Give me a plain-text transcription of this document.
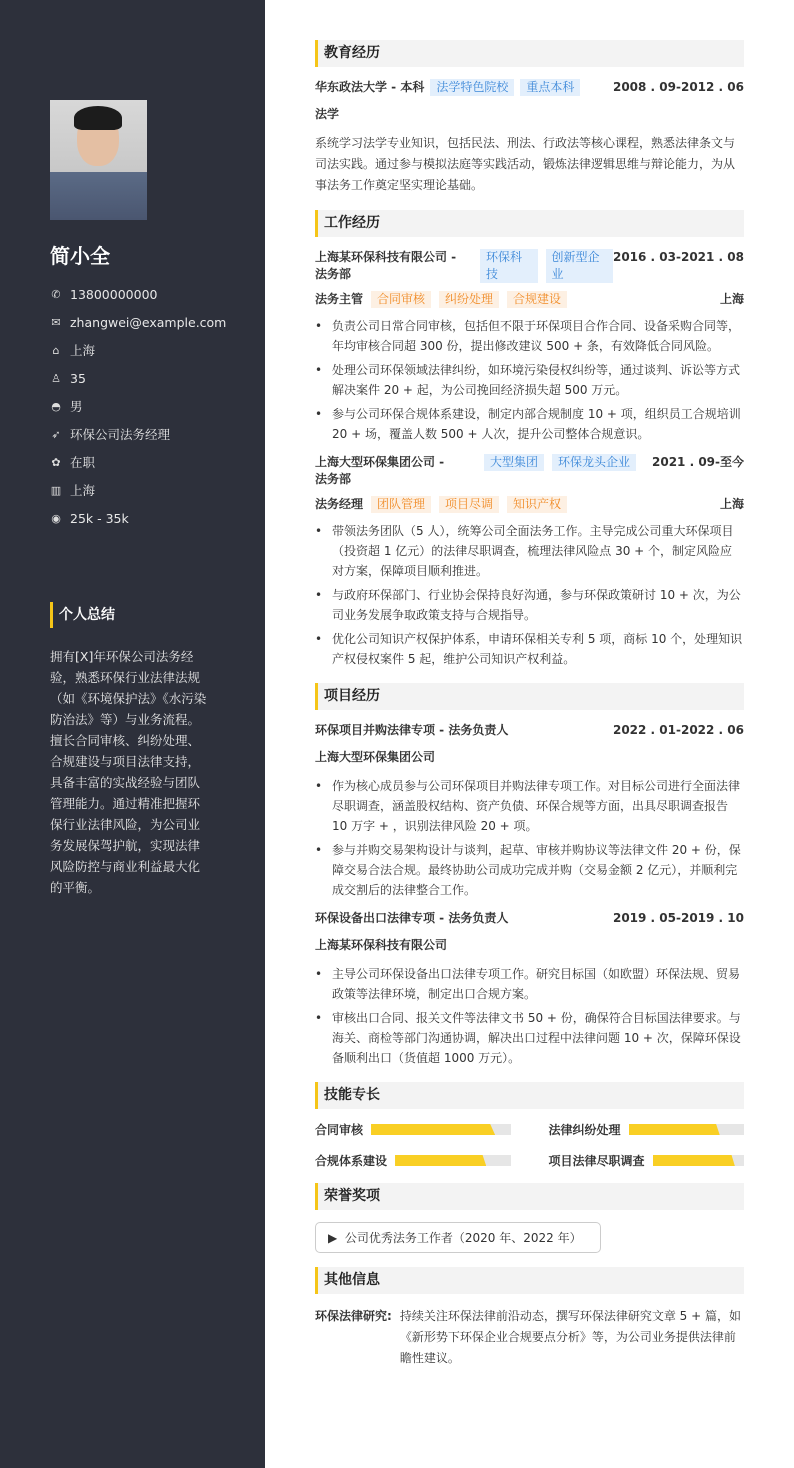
简小全
✆ 13800000000
✉ zhangwei@example.com
⌂ 上海
♙ 35
◓ 男
➶ 环保公司法务经理
✿ 在职
▥ 上海
◉ 25k - 35k
个人总结
拥有[X]年环保公司法务经验，熟悉环保行业法律法规（如《环境保护法》《水污染防治法》等）与业务流程。擅长合同审核、纠纷处理、合规建设与项目法律支持，具备丰富的实战经验与团队管理能力。通过精准把握环保行业法律风险，为公司业务发展保驾护航，实现法律风险防控与商业利益最大化的平衡。
教育经历
华东政法大学 - 本科	法学特色院校	重点本科	2008 . 09-2012 . 06
法学
系统学习法学专业知识，包括民法、刑法、行政法等核心课程，熟悉法律条文与司法实践。通过参与模拟法庭等实践活动，锻炼法律逻辑思维与辩论能力，为从事法务工作奠定坚实理论基础。
工作经历
上海某环保科技有限公司 - 法务部
环保科技
创新型企业
2016 . 03-2021 . 08
法务主管	合同审核	纠纷处理	合规建设	上海
• 负责公司日常合同审核，包括但不限于环保项目合作合同、设备采购合同等，年均审核合同超 300 份，提出修改建议 500 + 条，有效降低合同风险。
• 处理公司环保领域法律纠纷，如环境污染侵权纠纷等，通过谈判、诉讼等方式解决案件 20 + 起，为公司挽回经济损失超 500 万元。
• 参与公司环保合规体系建设，制定内部合规制度 10 + 项，组织员工合规培训 20 + 场，覆盖人数 500 + 人次，提升公司整体合规意识。
上海大型环保集团公司 - 法务部
大型集团	环保龙头企业	2021 . 09-至今
法务经理	团队管理	项目尽调	知识产权	上海
• 带领法务团队（5 人），统筹公司全面法务工作。主导完成公司重大环保项目（投资超 1 亿元）的法律尽职调查，梳理法律风险点 30 + 个，制定风险应对方案，保障项目顺利推进。
• 与政府环保部门、行业协会保持良好沟通，参与环保政策研讨 10 + 次，为公司业务发展争取政策支持与合规指导。
• 优化公司知识产权保护体系，申请环保相关专利 5 项，商标 10 个，处理知识产权侵权案件 5 起，维护公司知识产权利益。
项目经历
环保项目并购法律专项 - 法务负责人	2022 . 01-2022 . 06
上海大型环保集团公司
• 作为核心成员参与公司环保项目并购法律专项工作。对目标公司进行全面法律尽职调查，涵盖股权结构、资产负债、环保合规等方面，出具尽职调查报告 10 万字 + ，识别法律风险 20 + 项。
• 参与并购交易架构设计与谈判，起草、审核并购协议等法律文件 20 + 份，保障交易合法合规。最终协助公司成功完成并购（交易金额 2 亿元），并顺利完成交割后的法律整合工作。
环保设备出口法律专项 - 法务负责人	2019 . 05-2019 . 10
上海某环保科技有限公司
• 主导公司环保设备出口法律专项工作。研究目标国（如欧盟）环保法规、贸易政策等法律环境，制定出口合规方案。
• 审核出口合同、报关文件等法律文书 50 + 份，确保符合目标国法律要求。与海关、商检等部门沟通协调，解决出口过程中法律问题 10 + 次，保障环保设备顺利出口（货值超 1000 万元）。
技能专长
合同审核	法律纠纷处理
合规体系建设	项目法律尽职调查
荣誉奖项
▶ 公司优秀法务工作者（2020 年、2022 年）
其他信息
环保法律研究: 持续关注环保法律前沿动态，撰写环保法律研究文章 5 + 篇，如《新形势下环保企业合规要点分析》等，为公司业务提供法律前瞻性建议。
